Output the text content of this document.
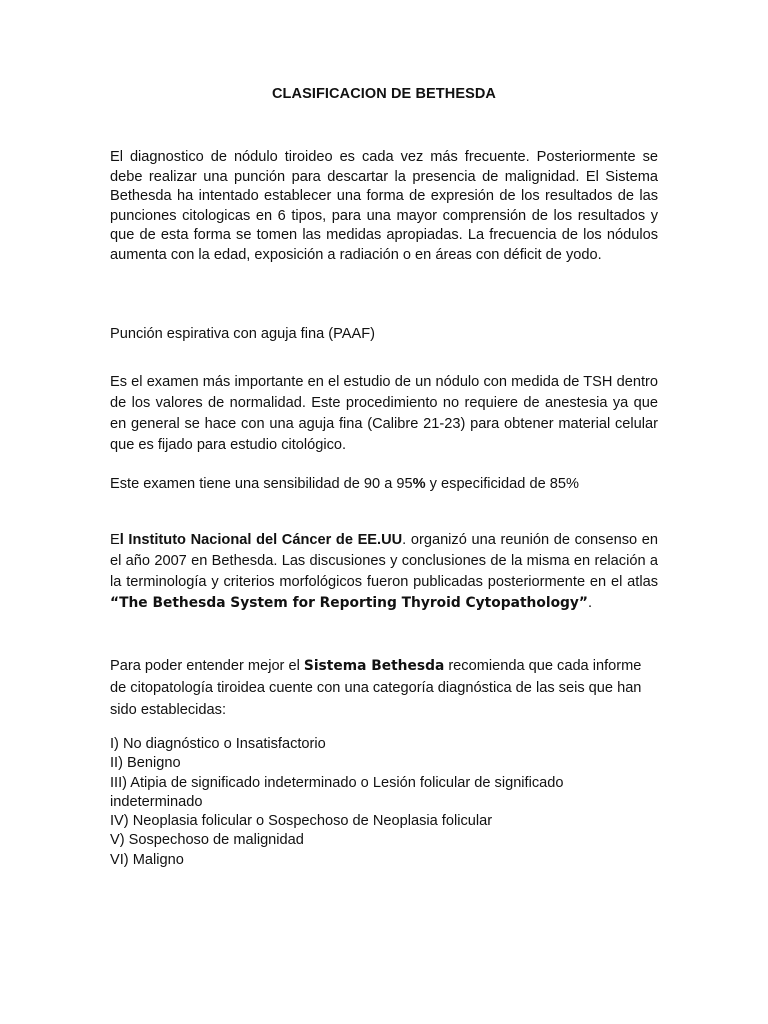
CLASIFICACION DE BETHESDA
El diagnostico de nódulo tiroideo es cada vez más frecuente. Posteriormente se debe realizar una punción para descartar la presencia de malignidad. El Sistema Bethesda ha intentado establecer una forma de expresión de los resultados de las punciones citologicas en 6 tipos, para una mayor comprensión de los resultados y que de esta forma se tomen las medidas apropiadas. La frecuencia de los nódulos aumenta con la edad, exposición a radiación o en áreas con déficit de yodo.
Punción espirativa con aguja fina (PAAF)
Es el examen más importante en el estudio de un nódulo con medida de TSH dentro de los valores de normalidad. Este procedimiento no requiere de anestesia ya que en general se hace con una aguja fina (Calibre 21-23) para obtener material celular que es fijado para estudio citológico.
Este examen tiene una sensibilidad de 90 a 95% y especificidad de 85%
El Instituto Nacional del Cáncer de EE.UU. organizó una reunión de consenso en el año 2007 en Bethesda. Las discusiones y conclusiones de la misma en relación a la terminología y criterios morfológicos fueron publicadas posteriormente en el atlas “The Bethesda System for Reporting Thyroid Cytopathology”.
Para poder entender mejor el Sistema Bethesda recomienda que cada informe de citopatología tiroidea cuente con una categoría diagnóstica de las seis que han sido establecidas:
I) No diagnóstico o Insatisfactorio
II) Benigno
III) Atipia de significado indeterminado o Lesión folicular de significado indeterminado
IV) Neoplasia folicular o Sospechoso de Neoplasia folicular
V) Sospechoso de malignidad
VI) Maligno
